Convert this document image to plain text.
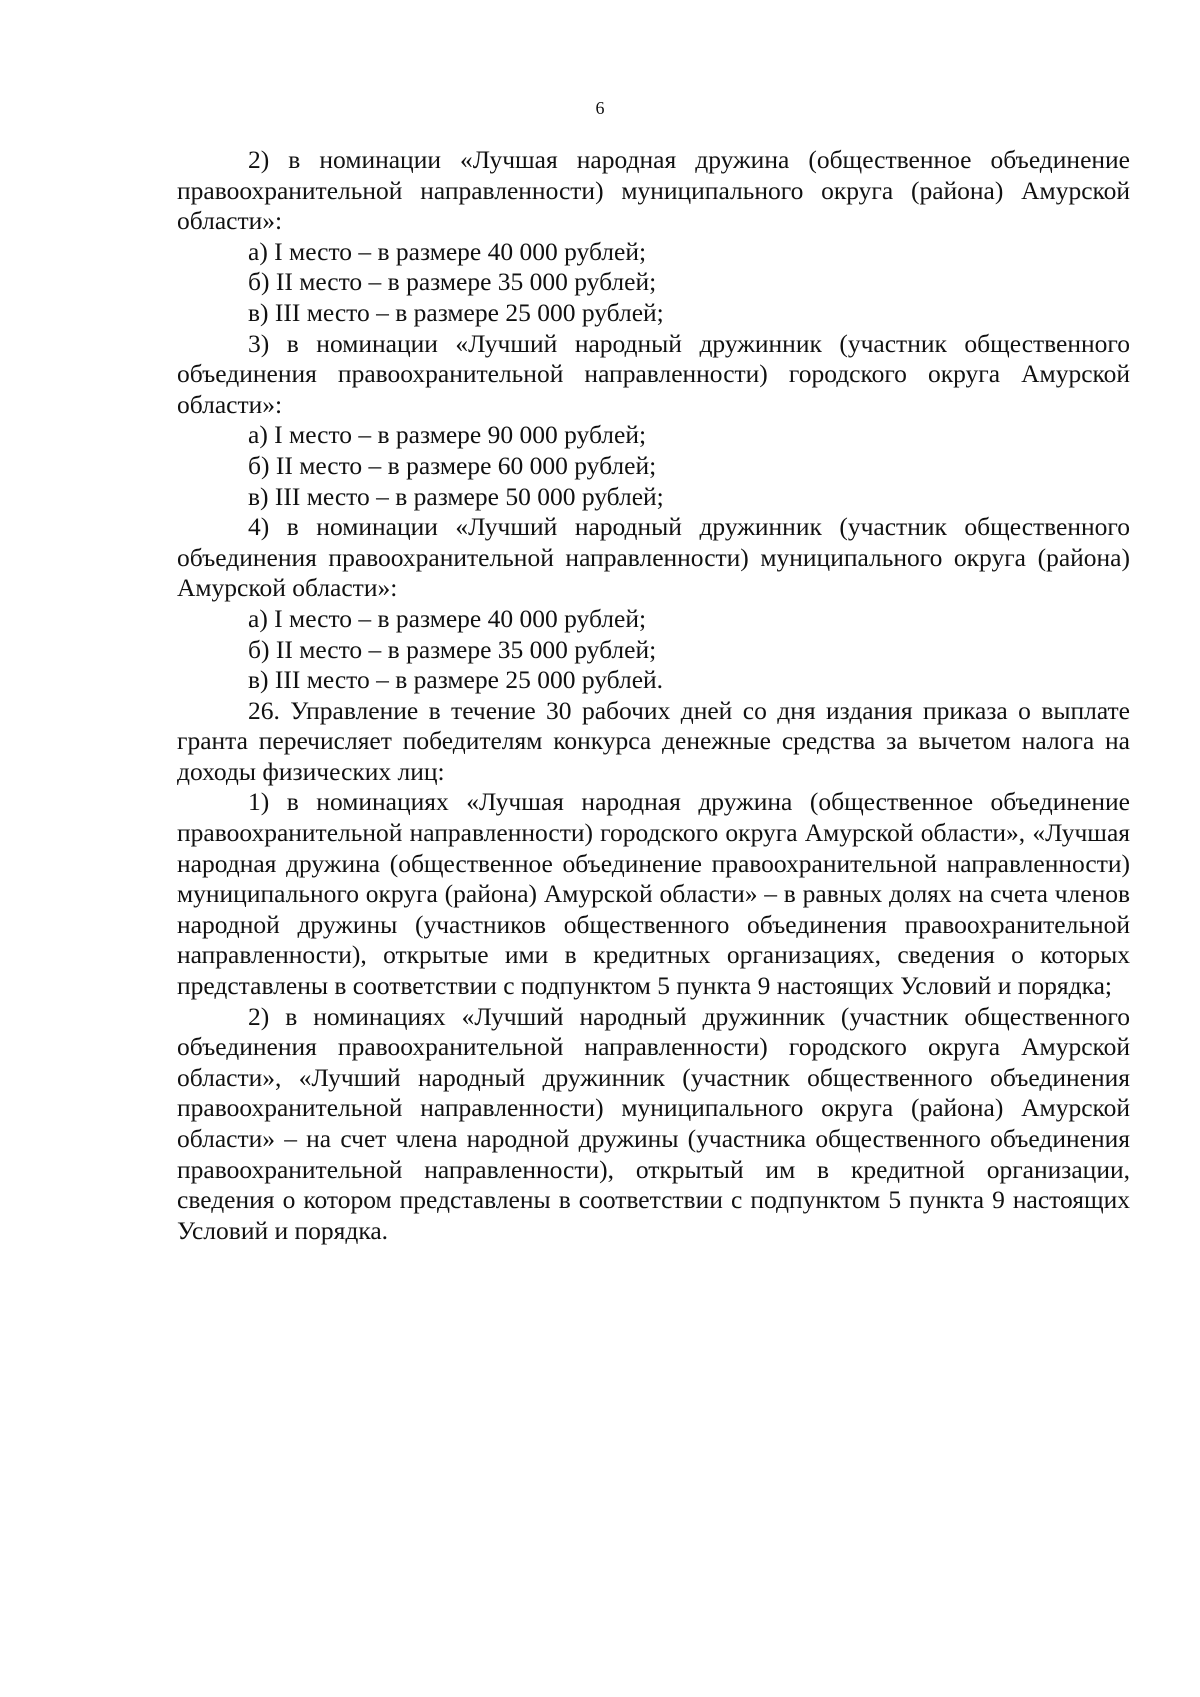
6

2) в номинации «Лучшая народная дружина (общественное объединение правоохранительной направленности) муниципального округа (района) Амурской области»:

а) I место – в размере 40 000 рублей;

б) II место – в размере 35 000 рублей;

в) III место – в размере 25 000 рублей;

3) в номинации «Лучший народный дружинник (участник общественного объединения правоохранительной направленности) городского округа Амурской области»:

а) I место – в размере 90 000 рублей;

б) II место – в размере 60 000 рублей;

в) III место – в размере 50 000 рублей;

4) в номинации «Лучший народный дружинник (участник общественного объединения правоохранительной направленности) муниципального округа (района) Амурской области»:

а) I место – в размере 40 000 рублей;

б) II место – в размере 35 000 рублей;

в) III место – в размере 25 000 рублей.

26. Управление в течение 30 рабочих дней со дня издания приказа о выплате гранта перечисляет победителям конкурса денежные средства за вычетом налога на доходы физических лиц:

1) в номинациях «Лучшая народная дружина (общественное объединение правоохранительной направленности) городского округа Амурской области», «Лучшая народная дружина (общественное объединение правоохранительной направленности) муниципального округа (района) Амурской области» – в равных долях на счета членов народной дружины (участников общественного объединения правоохранительной направленности), открытые ими в кредитных организациях, сведения о которых представлены в соответствии с подпунктом 5 пункта 9 настоящих Условий и порядка;

2) в номинациях «Лучший народный дружинник (участник общественного объединения правоохранительной направленности) городского округа Амурской области», «Лучший народный дружинник (участник общественного объединения правоохранительной направленности) муниципального округа (района) Амурской области» – на счет члена народной дружины (участника общественного объединения правоохранительной направленности), открытый им в кредитной организации, сведения о котором представлены в соответствии с подпунктом 5 пункта 9 настоящих Условий и порядка.
